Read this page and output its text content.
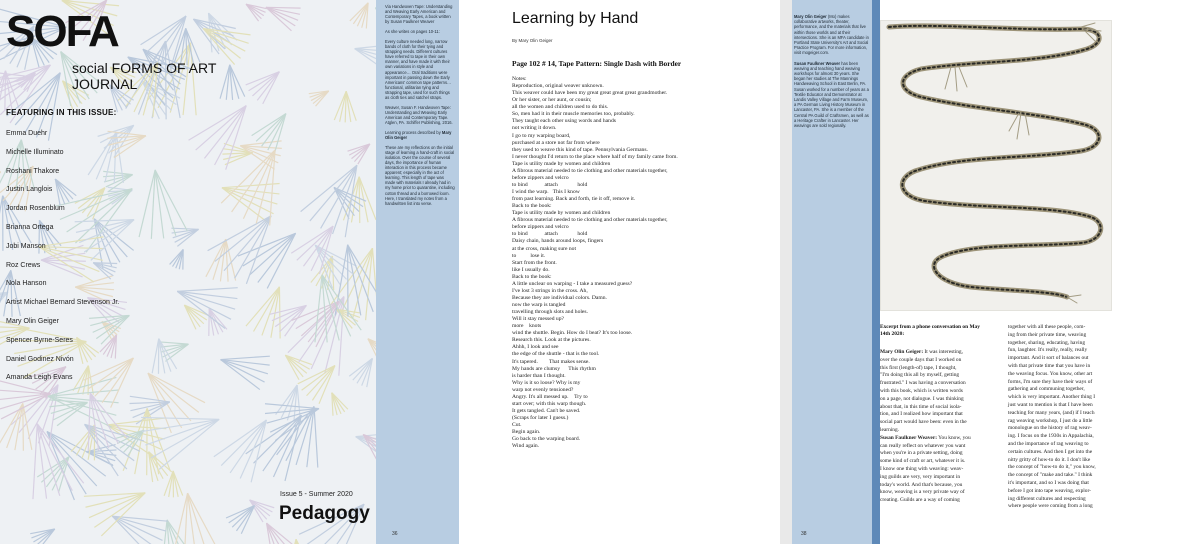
SOFA
social FORMS OF ART
JOURNAL
FEATURING IN THIS ISSUE:
Emma Duehr
Michelle Illuminato
Roshani Thakore
Justin Langlois
Jordan Rosenblum
Brianna Ortega
Jobi Manson
Roz Crews
Nola Hanson
Artist Michael Bernard Stevenson Jr.
Mary Olin Geiger
Spencer Byrne-Seres
Daniel Godinez Nivón
Amanda Leigh Evans
Issue 5 - Summer 2020
Pedagogy

Via Handwoven Tape: Understanding and Weaving Early American and Contemporary Tapes, a book written by Susan Faulkner Weaver

As she writes on pages 10-11:

Every culture needed long, narrow bands of cloth for their tying and strapping needs. Different cultures have referred to tape in their own manner, and have made it with their own variations in style and appearance… Oral traditions were important in passing down the Early Americans' common tape patterns… functional, utilitarian tying and strapping tape, used for such things as cloth ties and satchel straps.

Weaver, Susan F. Handwoven Tape: Understanding and Weaving Early American and Contemporary Tape. Atglen, PA. Schiffer Publishing, 2016.

Learning process described by Mary Olin Geiger

These are my reflections on the initial stage of learning a hand-craft in social isolation. Over the course of several days, the importance of human interaction in this process became apparent; especially in the act of learning. This length of tape was made with materials I already had in my home prior to quarantine, including cotton thread and a borrowed loom. Here, I translated my notes from a handwritten list into verse.

36
Learning by Hand
By Mary Olin Geiger
Page 102 # 14, Tape Pattern: Single Dash with Border
Notes:
Reproduction, original weaver unknown.
This weaver could have been my great great great great grandmother.
Or her sister, or her aunt, or cousin;
all the women and children used to do this.
So, men had it in their muscle memories too, probably.
They taught each other using words and hands
not writing it down.
I go to my warping board,
purchased at a store not far from where
they used to weave this kind of tape. Pennsylvania Germans.
I never thought I'd return to the place where half of my family came from.
Tape is utility made by women and children
A fibrous material needed to tie clothing and other materials together,
before zippers and velcro
to bind            attach              hold
I wind the warp.   This I know
from past learning. Back and forth, tie it off, remove it.
Back to the book:
Tape is utility made by women and children
A fibrous material needed to tie clothing and other materials together,
before zippers and velcro
to bind            attach              hold
Daisy chain, hands around loops, fingers
at the cross, making sure not
to          lose it.
Start from the front.
like I usually do.
Back to the book:
A little unclear on warping - I take a measured guess?
I've lost 3 strings in the cross. Ah,
Because they are individual colors. Damn.
now the warp is tangled
travelling through slots and holes.
Will it stay messed up?
more    knots
wind the shuttle. Begin. How do I beat? It's too loose.
Research this. Look at the pictures.
Ahhh, I look and see
the edge of the shuttle - that is the tool.
It's tapered.        That makes sense.
My hands are clumsy      This rhythm
is harder than I thought.
Why is it so loose? Why is my
warp not evenly tensioned?
Angry. It's all messed up.    Try to
start over; with this warp though.
It gets tangled. Can't be saved.
(Scraps for later I guess.)
Cut.
Begin again.
Go back to the warping board.
Wind again.

Mary Olin Geiger (Mo) makes collaborative artworks, theater, performance, and the materials that live within those worlds and at their intersections. She is an MFA candidate in Portland State University's Art and Social Practice Program. For more information, visit mogeiger.com.

Susan Faulkner Weaver has been weaving and teaching hand weaving workshops for almost 30 years. She began her studies at The Mannings Handweaving School in East Berlin, PA. Susan worked for a number of years as a Textile Educator and Demonstrator at Landis Valley Village and Farm Museum, a PA German Living History Museum in Lancaster, PA. She is a member of the Central PA Guild of Craftsmen, as well as a Heritage Crafter in Lancaster. Her weavings are sold regionally.

38
Excerpt from a phone conversation on May 14th 2020:
Mary Olin Geiger: It was interesting,
over the couple days that I worked on
this first (length-of) tape, I thought,
"I'm doing this all by myself, getting
frustrated." I was having a conversation
with this book, which is written words
on a page, not dialogue. I was thinking
about that, in this time of social isola-
tion, and I realized how important that
social part would have been: even in the
learning.
Susan Faulkner Weaver: You know, you
can really reflect on whatever you want
when you're in a private setting, doing
some kind of craft or art, whatever it is.
I know one thing with weaving: weav-
ing guilds are very, very important in
today's world. And that's because, you
know, weaving is a very private way of
creating. Guilds are a way of coming
together with all these people, com-
ing from their private time, weaving
together, sharing, educating, having
fun, laughter. It's really, really, really
important. And it sort of balances out
with that private time that you have in
the weaving focus. You know, other art
forms, I'm sure they have their ways of
gathering and communing together,
which is very important. Another thing I
just want to mention is that I have been
teaching for many years, (and) if I teach
rag weaving workshop, I just do a little
monologue on the history of rag weav-
ing. I focus on the 1930s in Appalachia,
and the importance of rag weaving to
certain cultures. And then I get into the
nitty gritty of how-to do it. I don't like
the concept of "how-to do it," you know,
the concept of "make and take." I think
it's important, and so I was doing that
before I got into tape weaving, explor-
ing different cultures and respecting
where people were coming from a long
